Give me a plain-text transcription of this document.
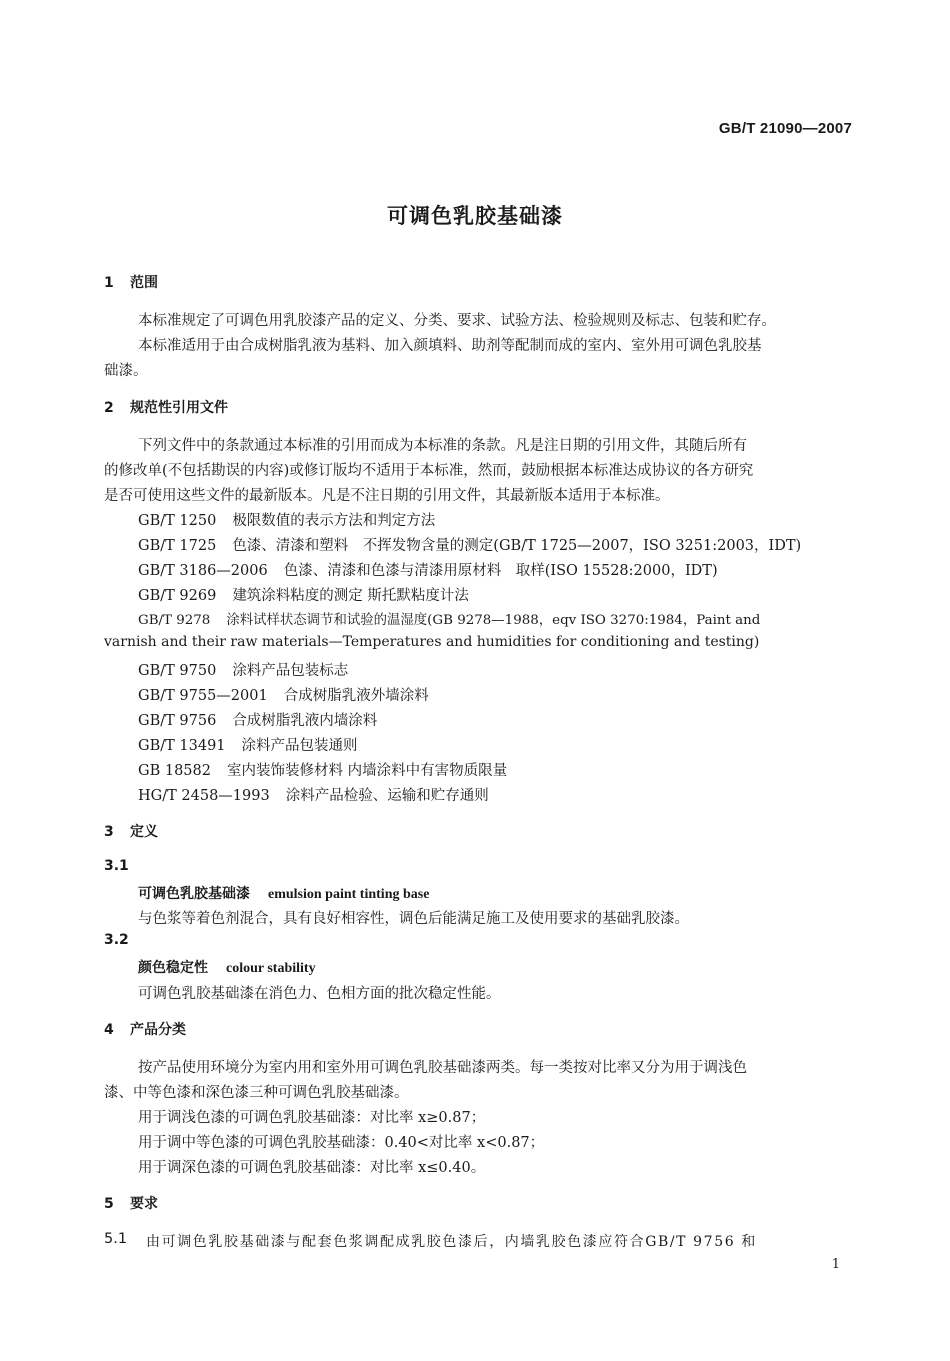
GB/T 21090—2007
可调色乳胶基础漆
1 范围
本标准规定了可调色用乳胶漆产品的定义、分类、要求、试验方法、检验规则及标志、包装和贮存。
本标准适用于由合成树脂乳液为基料、加入颜填料、助剂等配制而成的室内、室外用可调色乳胶基
础漆。
2 规范性引用文件
下列文件中的条款通过本标准的引用而成为本标准的条款。凡是注日期的引用文件，其随后所有
的修改单(不包括勘误的内容)或修订版均不适用于本标准，然而，鼓励根据本标准达成协议的各方研究
是否可使用这些文件的最新版本。凡是不注日期的引用文件，其最新版本适用于本标准。
GB/T 1250 极限数值的表示方法和判定方法
GB/T 1725 色漆、清漆和塑料　不挥发物含量的测定(GB/T 1725—2007，ISO 3251:2003，IDT)
GB/T 3186—2006 色漆、清漆和色漆与清漆用原材料　取样(ISO 15528:2000，IDT)
GB/T 9269 建筑涂料粘度的测定 斯托默粘度计法
GB/T 9278 涂料试样状态调节和试验的温湿度(GB 9278—1988，eqv ISO 3270:1984，Paint and
varnish and their raw materials—Temperatures and humidities for conditioning and testing)
GB/T 9750 涂料产品包装标志
GB/T 9755—2001 合成树脂乳液外墙涂料
GB/T 9756 合成树脂乳液内墙涂料
GB/T 13491 涂料产品包装通则
GB 18582 室内装饰装修材料 内墙涂料中有害物质限量
HG/T 2458—1993 涂料产品检验、运输和贮存通则
3 定义
3.1
可调色乳胶基础漆 emulsion paint tinting base
与色浆等着色剂混合，具有良好相容性，调色后能满足施工及使用要求的基础乳胶漆。
3.2
颜色稳定性 colour stability
可调色乳胶基础漆在消色力、色相方面的批次稳定性能。
4 产品分类
按产品使用环境分为室内用和室外用可调色乳胶基础漆两类。每一类按对比率又分为用于调浅色
漆、中等色漆和深色漆三种可调色乳胶基础漆。
用于调浅色漆的可调色乳胶基础漆：对比率 x≥0.87；
用于调中等色漆的可调色乳胶基础漆：0.40<对比率 x<0.87；
用于调深色漆的可调色乳胶基础漆：对比率 x≤0.40。
5 要求
5.1 由可调色乳胶基础漆与配套色浆调配成乳胶色漆后，内墙乳胶色漆应符合GB/T 9756 和
1
